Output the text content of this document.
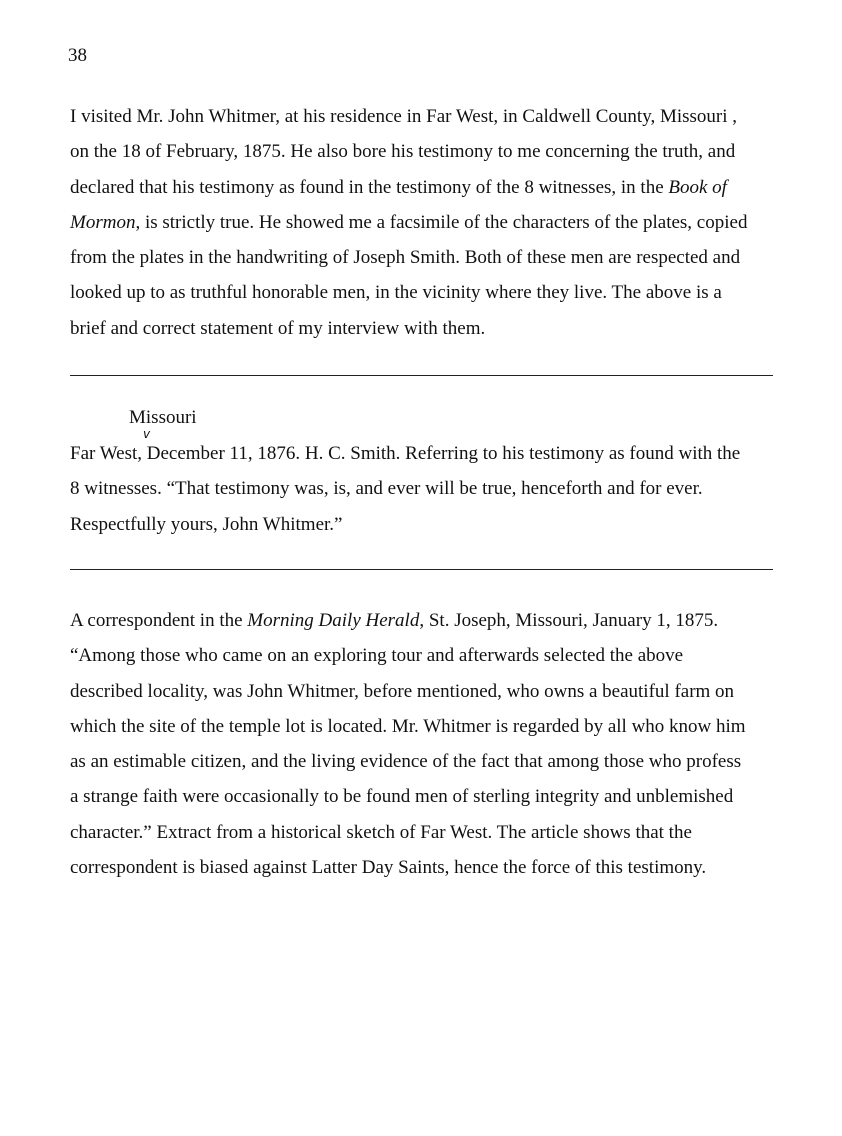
38
I visited Mr. John Whitmer, at his residence in Far West, in Caldwell County, Missouri ,
on the 18 of February, 1875. He also bore his testimony to me concerning the truth, and
declared that his testimony as found in the testimony of the 8 witnesses, in the Book of
Mormon, is strictly true. He showed me a facsimile of the characters of the plates, copied
from the plates in the handwriting of Joseph Smith. Both of these men are respected and
looked up to as truthful honorable men, in the vicinity where they live. The above is a
brief and correct statement of my interview with them.
Missouri
v
Far West, December 11, 1876. H. C. Smith. Referring to his testimony as found with the
8 witnesses. “That testimony was, is, and ever will be true, henceforth and for ever.
Respectfully yours, John Whitmer.”
A correspondent in the Morning Daily Herald, St. Joseph, Missouri, January 1, 1875.
“Among those who came on an exploring tour and afterwards selected the above
described locality, was John Whitmer, before mentioned, who owns a beautiful farm on
which the site of the temple lot is located. Mr. Whitmer is regarded by all who know him
as an estimable citizen, and the living evidence of the fact that among those who profess
a strange faith were occasionally to be found men of sterling integrity and unblemished
character.” Extract from a historical sketch of Far West. The article shows that the
correspondent is biased against Latter Day Saints, hence the force of this testimony.
